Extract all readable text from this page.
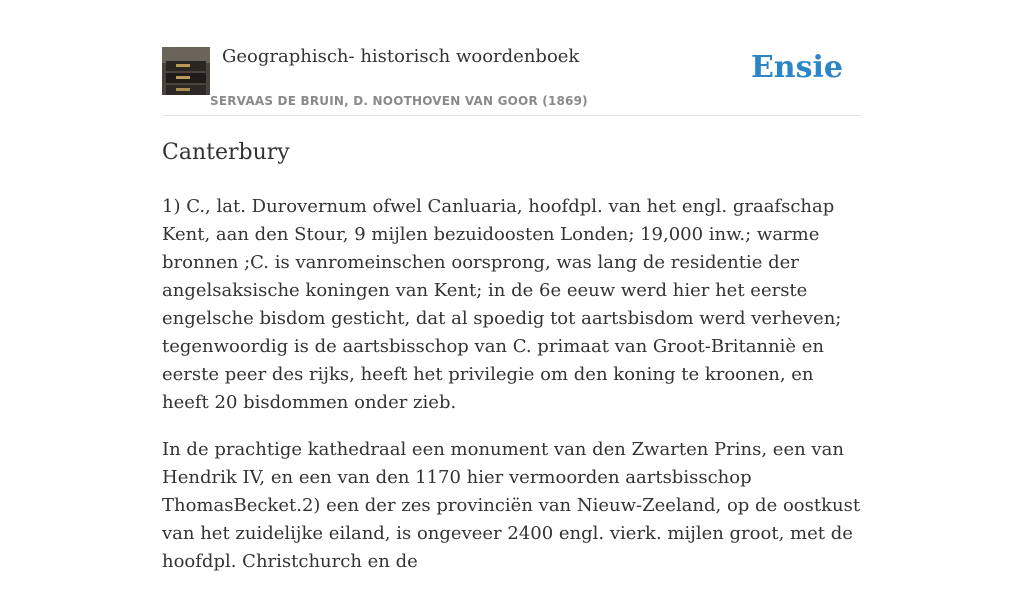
Geographisch- historisch woordenboek
SERVAAS DE BRUIN, D. NOOTHOVEN VAN GOOR (1869)
Ensie
Canterbury

1) C., lat. Durovernum ofwel Canluaria, hoofdpl. van het engl. graafschap Kent, aan den Stour, 9 mijlen bezuidoosten Londen; 19,000 inw.; warme bronnen ;C. is vanromeinschen oorsprong, was lang de residentie der angelsaksische koningen van Kent; in de 6e eeuw werd hier het eerste engelsche bisdom gesticht, dat al spoedig tot aartsbisdom werd verheven; tegenwoordig is de aartsbisschop van C. primaat van Groot-Britanniè en eerste peer des rijks, heeft het privilegie om den koning te kroonen, en heeft 20 bisdommen onder zieb.

In de prachtige kathedraal een monument van den Zwarten Prins, een van Hendrik IV, en een van den 1170 hier vermoorden aartsbisschop ThomasBecket.2) een der zes provinciën van Nieuw-Zeeland, op de oostkust van het zuidelijke eiland, is ongeveer 2400 engl. vierk. mijlen groot, met de hoofdpl. Christchurch en de
